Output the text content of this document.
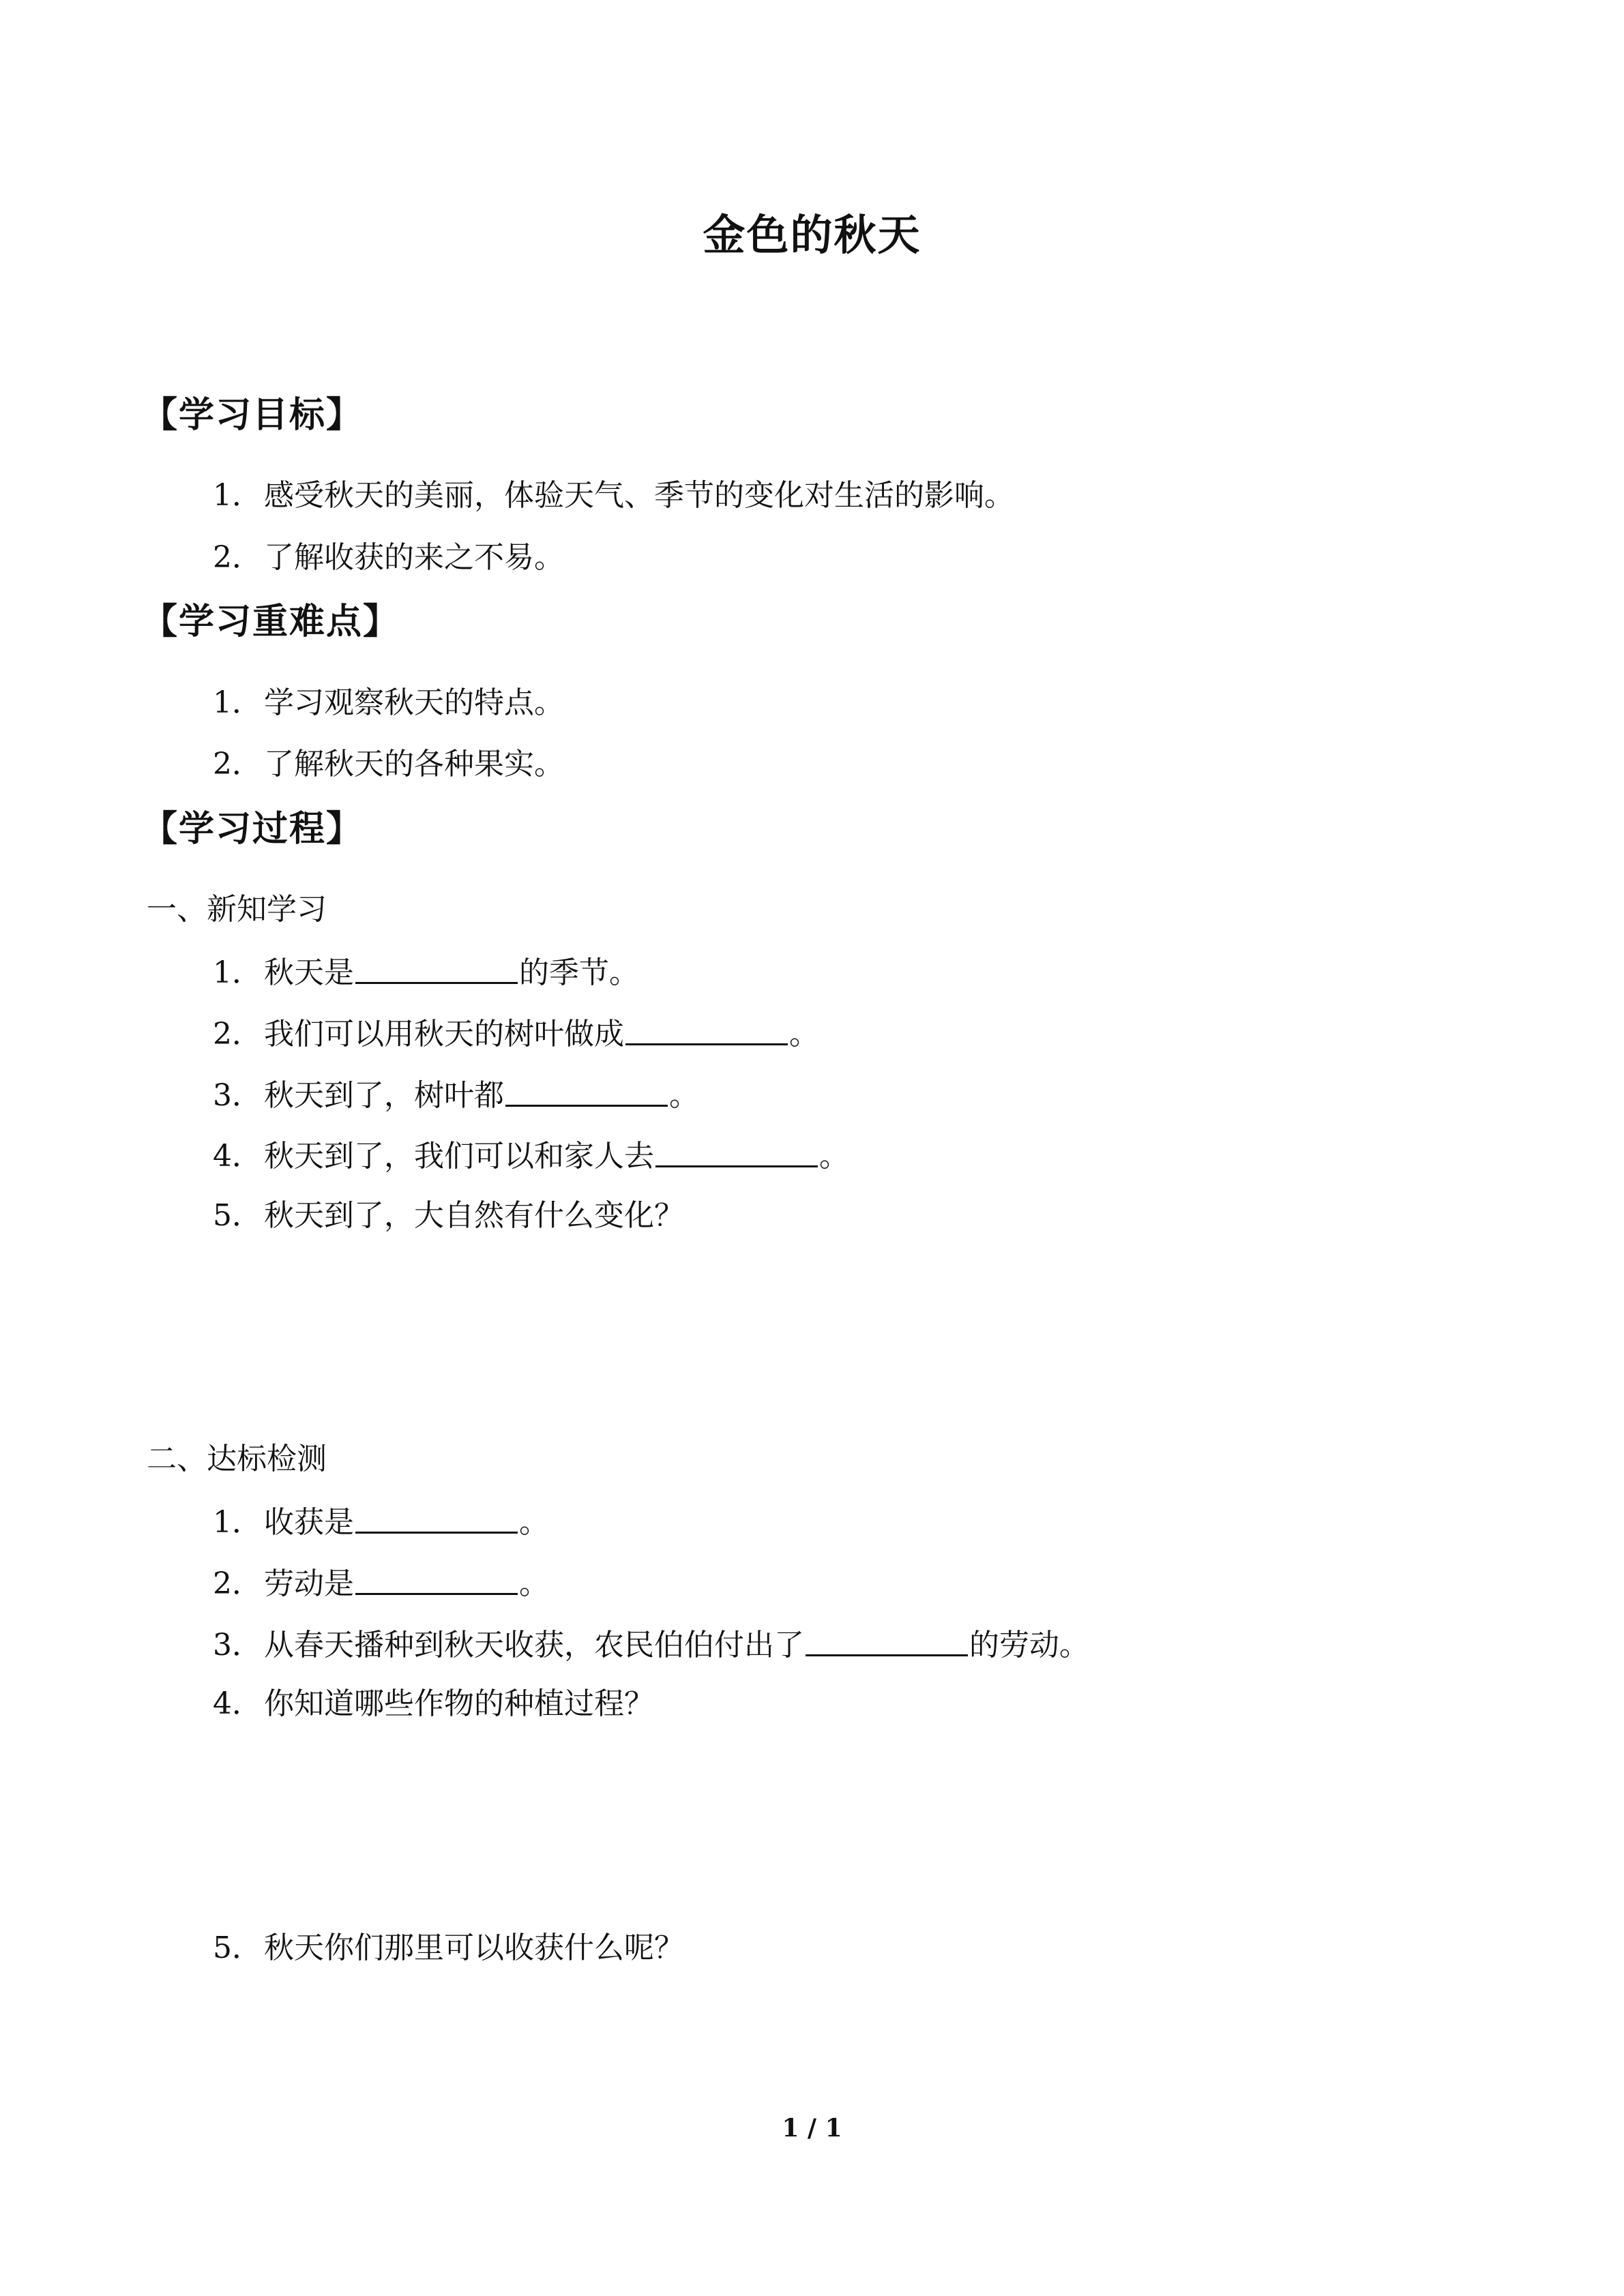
金色的秋天
【学习目标】
1．感受秋天的美丽，体验天气、季节的变化对生活的影响。
2．了解收获的来之不易。
【学习重难点】
1．学习观察秋天的特点。
2．了解秋天的各种果实。
【学习过程】
一、新知学习
1．秋天是	的季节。
2．我们可以用秋天的树叶做成	。
3．秋天到了，树叶都	。
4．秋天到了，我们可以和家人去	。
5．秋天到了，大自然有什么变化？
二、达标检测
1．收获是	。
2．劳动是	。
3．从春天播种到秋天收获，农民伯伯付出了	的劳动。
4．你知道哪些作物的种植过程？
5．秋天你们那里可以收获什么呢？
1 / 1
